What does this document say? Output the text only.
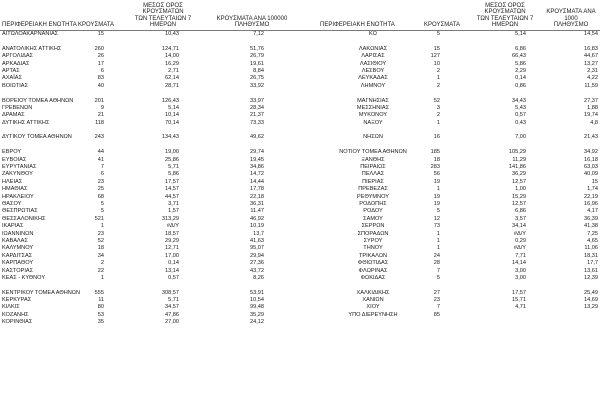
ΠΕΡΙΦΕΡΕΙΑΚΗ ΕΝΟΤΗΤΑ ΚΡΟΥΣΜΑΤΑ
ΜΕΣΟΣ ΟΡΟΣ ΚΡΟΥΣΜΑΤΩΝ
ΤΩΝ ΤΕΛΕΥΤΑΙΩΝ 7
ΗΜΕΡΩΝ
ΚΡΟΥΣΜΑΤΑ ΑΝΑ 100000
ΠΛΗΘΥΣΜΟ
ΑΙΤΩΛΟΑΚΑΡΝΑΝΙΑΣ	15	10,43	7,12
ΑΝΑΤΟΛΙΚΗΣ ΑΤΤΙΚΗΣ	260	124,71	51,76
ΑΡΓΟΛΙΔΑΣ	26	14,00	26,79
ΑΡΚΑΔΙΑΣ	17	16,29	19,61
ΑΡΤΑΣ	6	2,71	8,84
ΑΧΑΪΑΣ	83	62,14	26,75
ΒΟΙΩΤΙΑΣ	40	28,71	33,92
ΒΟΡΕΙΟΥ ΤΟΜΕΑ ΑΘΗΝΩΝ	201	126,43	33,97
ΓΡΕΒΕΝΩΝ	9	5,14	28,34
ΔΡΑΜΑΣ	21	10,14	21,37
ΔΥΤΙΚΗΣ ΑΤΤΙΚΗΣ	118	70,14	73,33
ΔΥΤΙΚΟΥ ΤΟΜΕΑ ΑΘΗΝΩΝ	243	134,43	49,62
ΕΒΡΟΥ	44	19,00	29,74
ΕΥΒΟΙΑΣ	41	25,86	19,45
ΕΥΡΥΤΑΝΙΑΣ	7	5,71	34,86
ΖΑΚΥΝΘΟΥ	6	5,86	14,72
ΗΛΕΙΑΣ	23	17,57	14,44
ΗΜΑΘΙΑΣ	25	14,57	17,78
ΗΡΑΚΛΕΙΟΥ	68	44,57	22,18
ΘΑΣΟΥ	5	3,71	36,31
ΘΕΣΠΡΩΤΙΑΣ	5	1,57	11,47
ΘΕΣΣΑΛΟΝΙΚΗΣ	521	313,29	46,92
ΙΚΑΡΙΑΣ	1	#Δ/Υ	10,19
ΙΩΑΝΝΙΝΩΝ	23	18,57	13,7
ΚΑΒΑΛΑΣ	52	29,29	41,63
ΚΑΛΥΜΝΟΥ	18	12,71	95,07
ΚΑΡΔΙΤΣΑΣ	34	17,00	29,94
ΚΑΡΠΑΘΟΥ	2	0,14	27,36
ΚΑΣΤΟΡΙΑΣ	22	13,14	43,72
ΚΕΑΣ - ΚΥΘΝΟΥ	1	0,57	8,26
ΚΕΝΤΡΙΚΟΥ ΤΟΜΕΑ ΑΘΗΝΩΝ	555	308,57	53,91
ΚΕΡΚΥΡΑΣ	11	5,71	10,54
ΚΙΛΚΙΣ	80	34,57	99,48
ΚΟΖΑΝΗΣ	53	47,86	35,29
ΚΟΡΙΝΘΙΑΣ	35	27,00	24,12
ΠΕΡΙΦΕΡΕΙΑΚΗ ΕΝΟΤΗΤΑ	ΚΡΟΥΣΜΑΤΑ
ΜΕΣΟΣ ΟΡΟΣ ΚΡΟΥΣΜΑΤΩΝ
ΤΩΝ ΤΕΛΕΥΤΑΙΩΝ 7
ΗΜΕΡΩΝ
ΚΡΟΥΣΜΑΤΑ ΑΝΑ 1000
ΠΛΗΘΥΣΜΟ
ΚΩ	5	5,14	14,54
ΛΑΚΩΝΙΑΣ	15	6,86	16,83
ΛΑΡΙΣΑΣ	127	66,43	44,67
ΛΑΣΙΘΙΟΥ	10	5,86	13,27
ΛΕΣΒΟΥ	2	2,29	2,31
ΛΕΥΚΑΔΑΣ	1	0,14	4,22
ΛΗΜΝΟΥ	2	0,86	11,59
ΜΑΓΝΗΣΙΑΣ	52	34,43	27,37
ΜΕΣΣΗΝΙΑΣ	3	5,43	1,88
ΜΥΚΟΝΟΥ	2	0,57	19,74
ΝΑΞΟΥ	1	0,43	4,8
ΝΗΣΩΝ	16	7,00	21,43
ΝΟΤΙΟΥ ΤΟΜΕΑ ΑΘΗΝΩΝ	185	105,29	34,92
ΞΑΝΘΗΣ	18	11,29	16,18
ΠΕΙΡΑΙΩΣ	283	141,86	63,03
ΠΕΛΛΑΣ	56	36,29	40,09
ΠΙΕΡΙΑΣ	19	12,57	15
ΠΡΕΒΕΖΑΣ	1	1,00	1,74
ΡΕΘΥΜΝΟΥ	19	15,29	22,19
ΡΟΔΟΠΗΣ	19	12,57	16,96
ΡΟΔΟΥ	5	6,86	4,17
ΣΑΜΟΥ	12	3,57	36,39
ΣΕΡΡΩΝ	73	34,14	41,38
ΣΠΟΡΑΔΩΝ	1	#Δ/Υ	7,25
ΣΥΡΟΥ	1	0,29	4,65
ΤΗΝΟΥ	1	#Δ/Υ	11,06
ΤΡΙΚΑΛΩΝ	24	7,71	18,31
ΦΘΙΩΤΙΔΑΣ	28	14,14	17,7
ΦΛΩΡΙΝΑΣ	7	3,00	13,61
ΦΩΚΙΔΑΣ	5	3,00	12,39
ΧΑΛΚΙΔΙΚΗΣ	27	17,57	25,49
ΧΑΝΙΩΝ	23	15,71	14,69
ΧΙΟΥ	7	4,71	13,29
ΥΠΟ ΔΙΕΡΕΥΝΗΣΗ	85
